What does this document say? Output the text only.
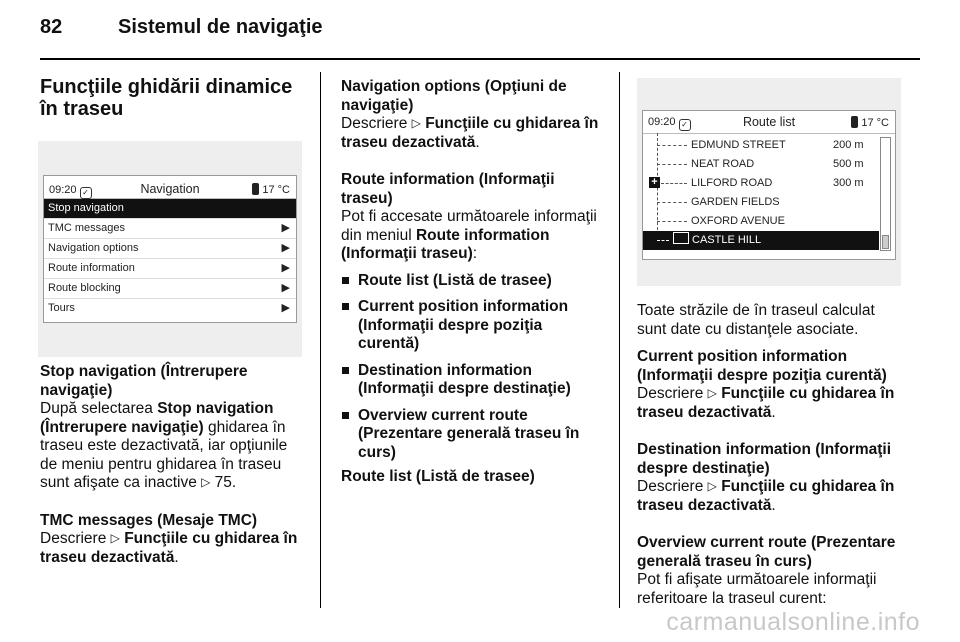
82	Sistemul de navigaţie
Funcţiile ghidării dinamice în traseu
09:20 ✓	Navigation	17 °C
Stop navigation
TMC messages	▶
Navigation options	▶
Route information	▶
Route blocking	▶
Tours	▶

Stop navigation (Întrerupere navigaţie)

După selectarea Stop navigation (Întrerupere navigaţie) ghidarea în traseu este dezactivată, iar opţiunile de meniu pentru ghidarea în traseu sunt afişate ca inactive ▷ 75.

TMC messages (Mesaje TMC)

Descriere ▷ Funcţiile cu ghidarea în traseu dezactivată.

Navigation options (Opţiuni de navigaţie)

Descriere ▷ Funcţiile cu ghidarea în traseu dezactivată.

Route information (Informaţii traseu)

Pot fi accesate următoarele informaţii din meniul Route information (Informaţii traseu):

Route list (Listă de trasee)
Current position information (Informaţii despre poziţia curentă)
Destination information (Informaţii despre destinaţie)
Overview current route (Prezentare generală traseu în curs)

Route list (Listă de trasee)

09:20 ✓	Route list	17 °C
EDMUND STREET	200 m
NEAT ROAD	500 m
+	LILFORD ROAD	300 m
GARDEN FIELDS
OXFORD AVENUE
CASTLE HILL

Toate străzile de în traseul calculat sunt date cu distanţele asociate.

Current position information (Informaţii despre poziţia curentă)

Descriere ▷ Funcţiile cu ghidarea în traseu dezactivată.

Destination information (Informaţii despre destinaţie)

Descriere ▷ Funcţiile cu ghidarea în traseu dezactivată.

Overview current route (Prezentare generală traseu în curs)

Pot fi afişate următoarele informaţii referitoare la traseul curent:

carmanualsonline.info
